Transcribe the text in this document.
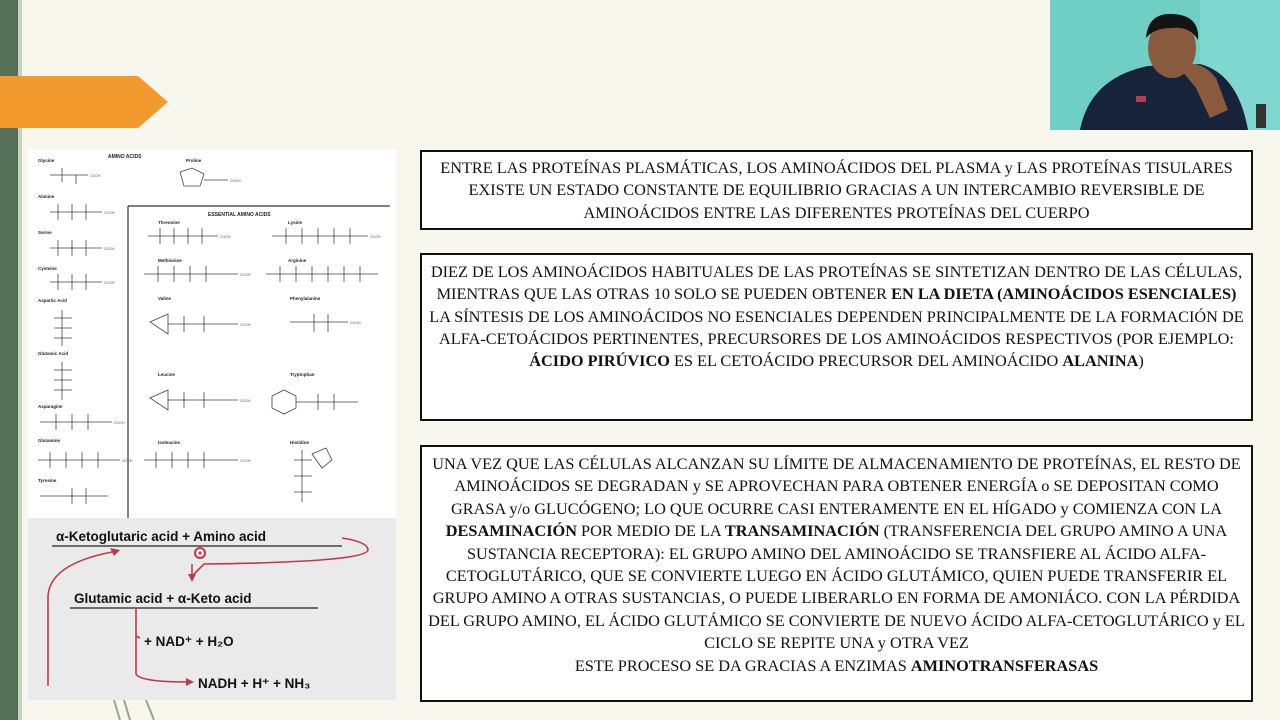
AMINO ACIDS
ESSENTIAL AMINO ACIDS
Glycine
Alanine
Serine
Cysteine
Aspartic Acid
Glutamic Acid
Asparagine
Glutamine
Tyrosine
Proline
Threonine
Methionine
Valine
Leucine
Isoleucine
Lysine
Arginine
Phenylalanine
Tryptophan
Histidine
COOH
COOH
COOH
COOH
COOH
COOH
COOH
COOH
COOH
COOH
COOH
COOH
COOH
COOH
α-Ketoglutaric acid + Amino acid
Glutamic acid + α-Keto acid
+ NAD⁺ + H₂O
NADH + H⁺ + NH₃

ENTRE LAS PROTEÍNAS PLASMÁTICAS, LOS AMINOÁCIDOS DEL PLASMA y LAS PROTEÍNAS TISULARES EXISTE UN ESTADO CONSTANTE DE EQUILIBRIO GRACIAS A UN INTERCAMBIO REVERSIBLE DE AMINOÁCIDOS ENTRE LAS DIFERENTES PROTEÍNAS DEL CUERPO

DIEZ DE LOS AMINOÁCIDOS HABITUALES DE LAS PROTEÍNAS SE SINTETIZAN DENTRO DE LAS CÉLULAS, MIENTRAS QUE LAS OTRAS 10 SOLO SE PUEDEN OBTENER EN LA DIETA (AMINOÁCIDOS ESENCIALES)

LA SÍNTESIS DE LOS AMINOÁCIDOS NO ESENCIALES DEPENDEN PRINCIPALMENTE DE LA FORMACIÓN DE ALFA-CETOÁCIDOS PERTINENTES, PRECURSORES DE LOS AMINOÁCIDOS RESPECTIVOS (POR EJEMPLO: ÁCIDO PIRÚVICO ES EL CETOÁCIDO PRECURSOR DEL AMINOÁCIDO ALANINA)

UNA VEZ QUE LAS CÉLULAS ALCANZAN SU LÍMITE DE ALMACENAMIENTO DE PROTEÍNAS, EL RESTO DE AMINOÁCIDOS SE DEGRADAN y SE APROVECHAN PARA OBTENER ENERGÍA o SE DEPOSITAN COMO GRASA y/o GLUCÓGENO; LO QUE OCURRE CASI ENTERAMENTE EN EL HÍGADO y COMIENZA CON LA DESAMINACIÓN POR MEDIO DE LA TRANSAMINACIÓN (TRANSFERENCIA DEL GRUPO AMINO A UNA SUSTANCIA RECEPTORA): EL GRUPO AMINO DEL AMINOÁCIDO SE TRANSFIERE AL ÁCIDO ALFA-CETOGLUTÁRICO, QUE SE CONVIERTE LUEGO EN ÁCIDO GLUTÁMICO, QUIEN PUEDE TRANSFERIR EL GRUPO AMINO A OTRAS SUSTANCIAS, O PUEDE LIBERARLO EN FORMA DE AMONIÁCO. CON LA PÉRDIDA DEL GRUPO AMINO, EL ÁCIDO GLUTÁMICO SE CONVIERTE DE NUEVO ÁCIDO ALFA-CETOGLUTÁRICO y EL CICLO SE REPITE UNA y OTRA VEZ

ESTE PROCESO SE DA GRACIAS A ENZIMAS AMINOTRANSFERASAS
